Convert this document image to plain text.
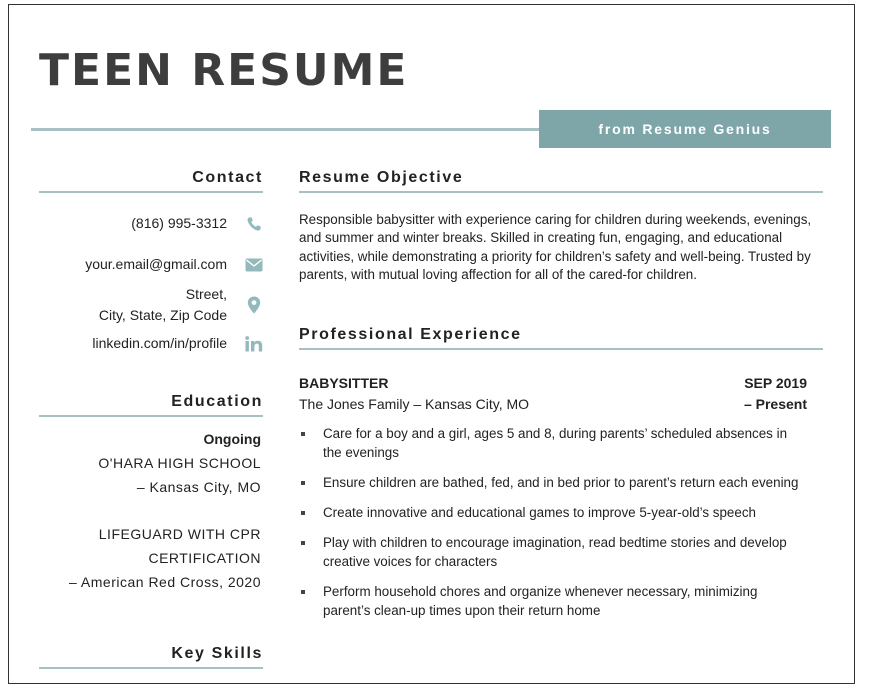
TEEN RESUME
from Resume Genius
Contact
(816) 995-3312
your.email@gmail.com
Street,
City, State, Zip Code
linkedin.com/in/profile
Education
Ongoing
O'HARA HIGH SCHOOL
– Kansas City, MO
LIFEGUARD WITH CPR
CERTIFICATION
– American Red Cross, 2020
Key Skills
Resume Objective

Responsible babysitter with experience caring for children during weekends, evenings, and summer and winter breaks. Skilled in creating fun, engaging, and educational activities, while demonstrating a priority for children’s safety and well-being. Trusted by parents, with mutual loving affection for all of the cared-for children.

Professional Experience
BABYSITTER	SEP 2019
The Jones Family – Kansas City, MO	– Present
Care for a boy and a girl, ages 5 and 8, during parents’ scheduled absences in the evenings
Ensure children are bathed, fed, and in bed prior to parent’s return each evening
Create innovative and educational games to improve 5-year-old’s speech
Play with children to encourage imagination, read bedtime stories and develop creative voices for characters
Perform household chores and organize whenever necessary, minimizing parent’s clean-up times upon their return home
